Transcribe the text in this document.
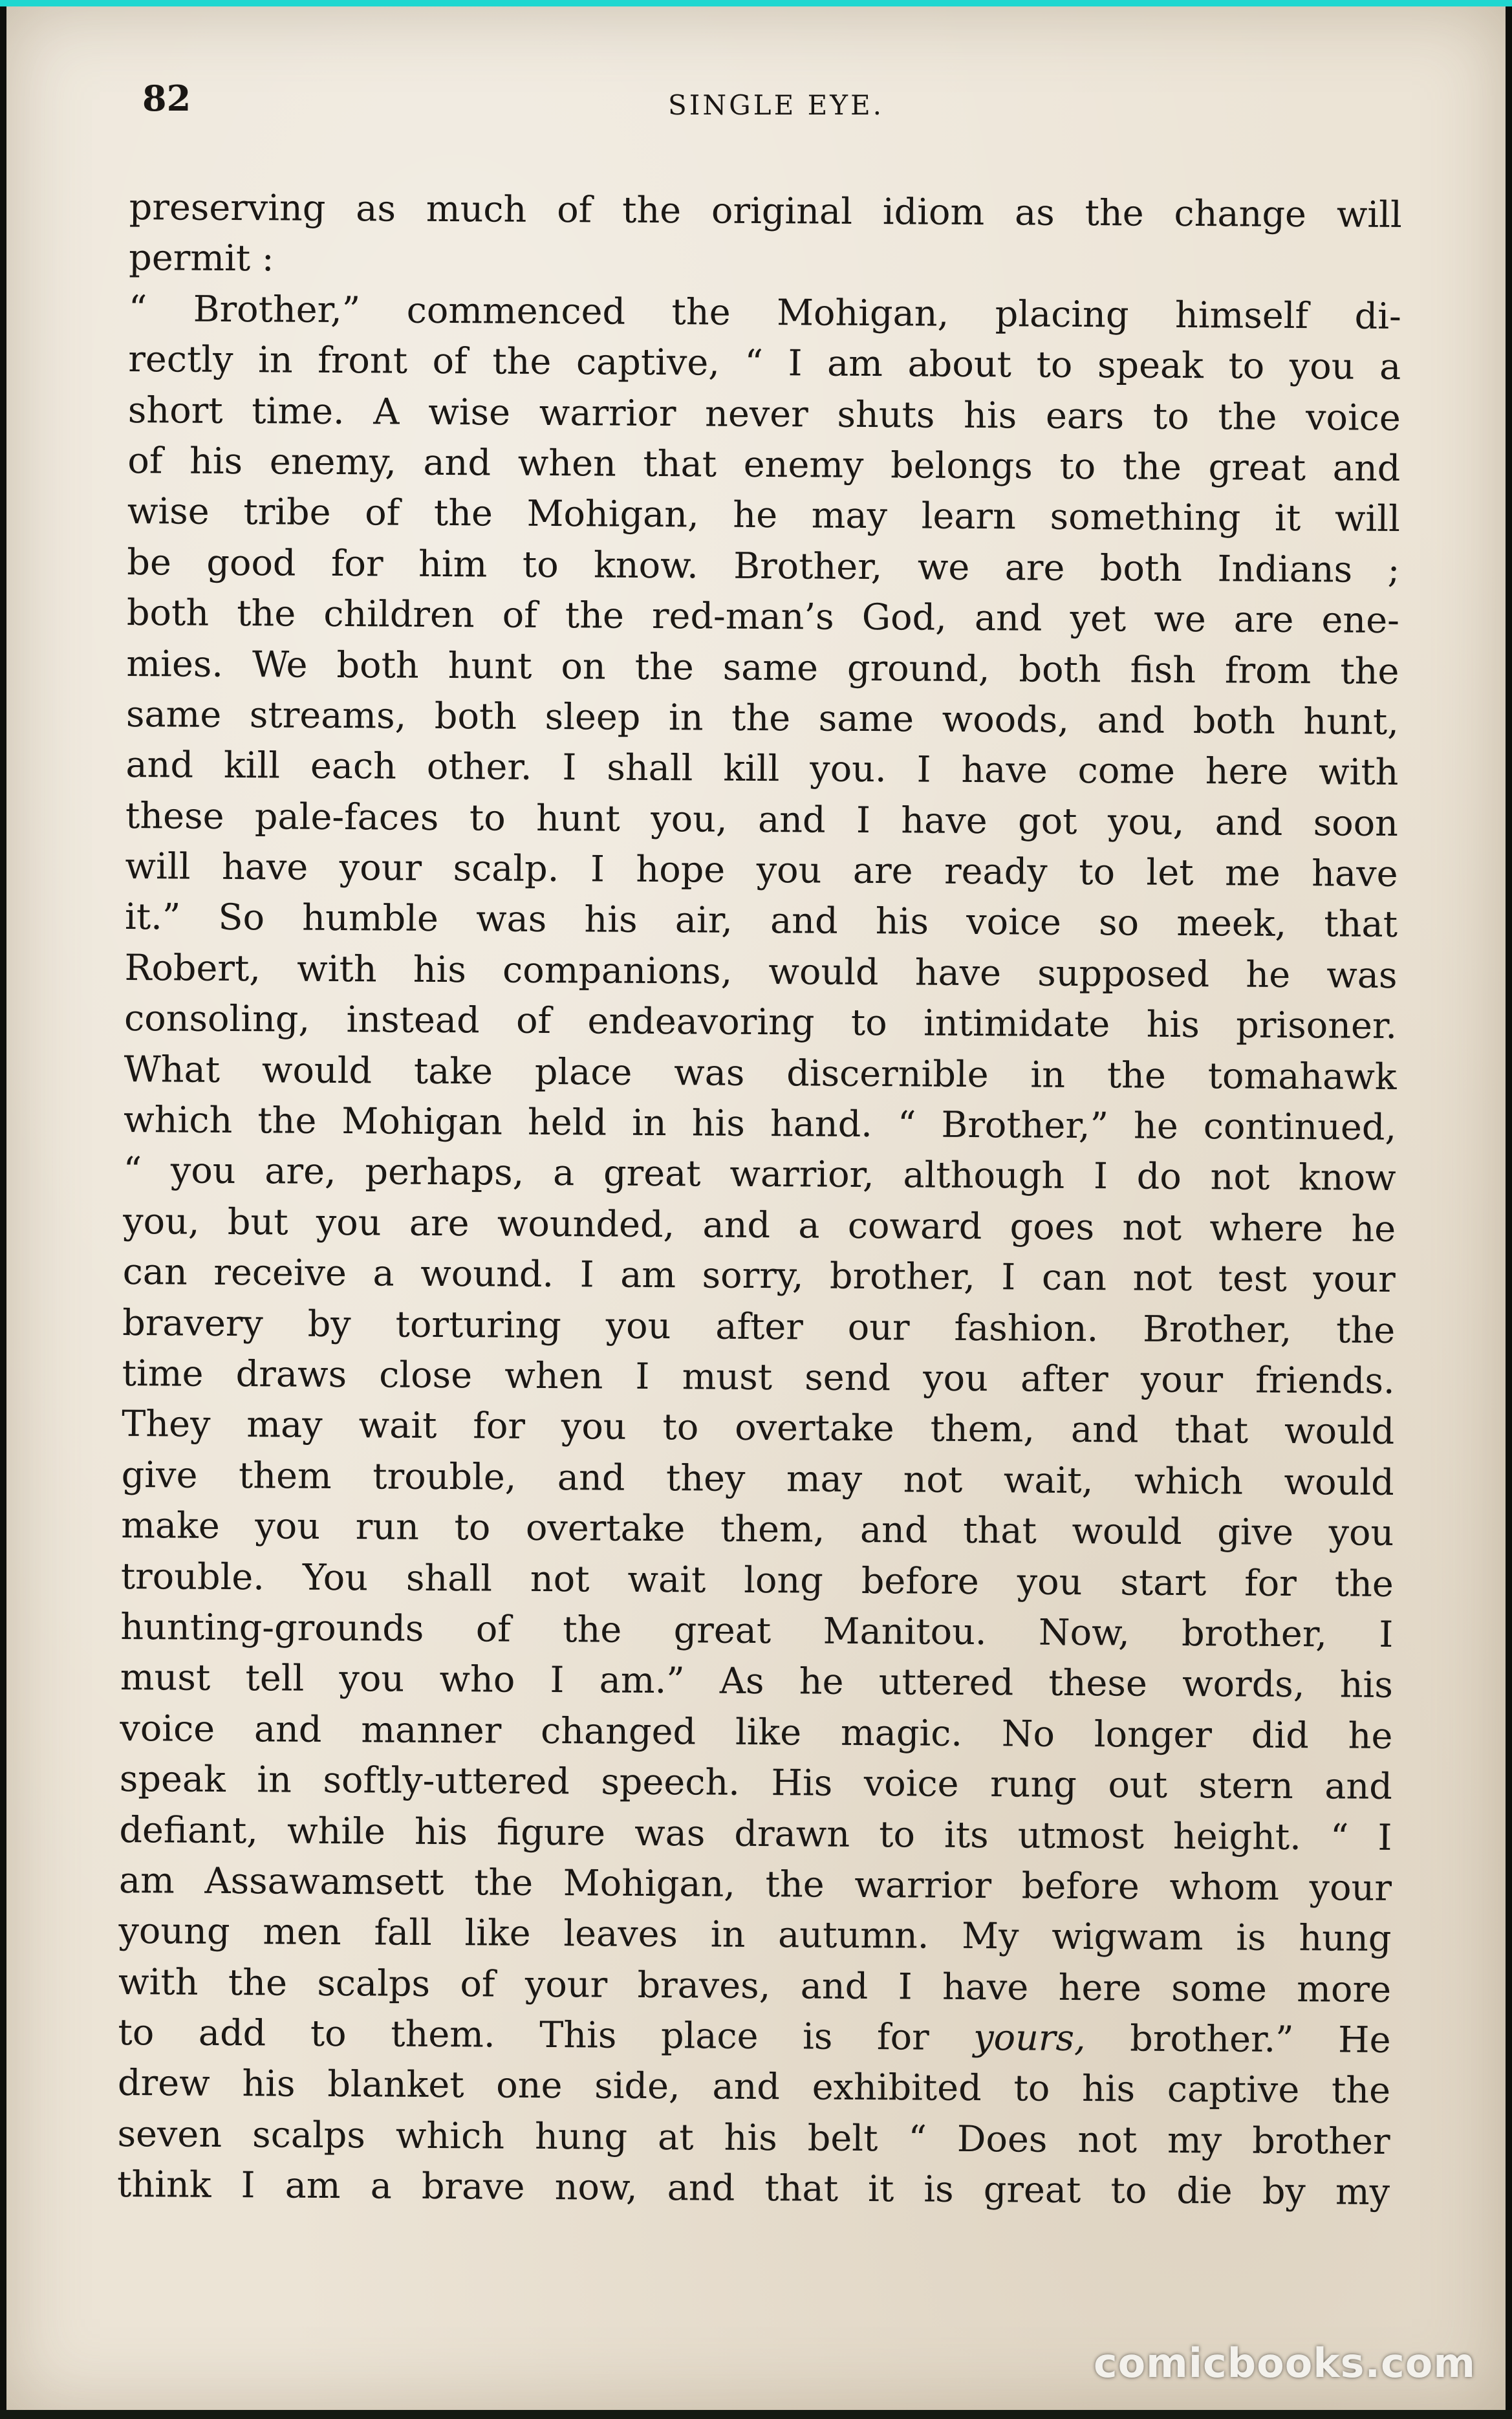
82	SINGLE EYE.
preserving as much of the original idiom as the change will
permit :
“ Brother,” commenced the Mohigan, placing himself di-
rectly in front of the captive, “ I am about to speak to you a
short time. A wise warrior never shuts his ears to the voice
of his enemy, and when that enemy belongs to the great and
wise tribe of the Mohigan, he may learn something it will
be good for him to know. Brother, we are both Indians ;
both the children of the red-man’s God, and yet we are ene-
mies. We both hunt on the same ground, both fish from the
same streams, both sleep in the same woods, and both hunt,
and kill each other. I shall kill you. I have come here with
these pale-faces to hunt you, and I have got you, and soon
will have your scalp. I hope you are ready to let me have
it.” So humble was his air, and his voice so meek, that
Robert, with his companions, would have supposed he was
consoling, instead of endeavoring to intimidate his prisoner.
What would take place was discernible in the tomahawk
which the Mohigan held in his hand. “ Brother,” he continued,
“ you are, perhaps, a great warrior, although I do not know
you, but you are wounded, and a coward goes not where he
can receive a wound. I am sorry, brother, I can not test your
bravery by torturing you after our fashion. Brother, the
time draws close when I must send you after your friends.
They may wait for you to overtake them, and that would
give them trouble, and they may not wait, which would
make you run to overtake them, and that would give you
trouble. You shall not wait long before you start for the
hunting-grounds of the great Manitou. Now, brother, I
must tell you who I am.” As he uttered these words, his
voice and manner changed like magic. No longer did he
speak in softly-uttered speech. His voice rung out stern and
defiant, while his figure was drawn to its utmost height. “ I
am Assawamsett the Mohigan, the warrior before whom your
young men fall like leaves in autumn. My wigwam is hung
with the scalps of your braves, and I have here some more
to add to them. This place is for yours, brother.” He
drew his blanket one side, and exhibited to his captive the
seven scalps which hung at his belt “ Does not my brother
think I am a brave now, and that it is great to die by my
comicbooks.com
